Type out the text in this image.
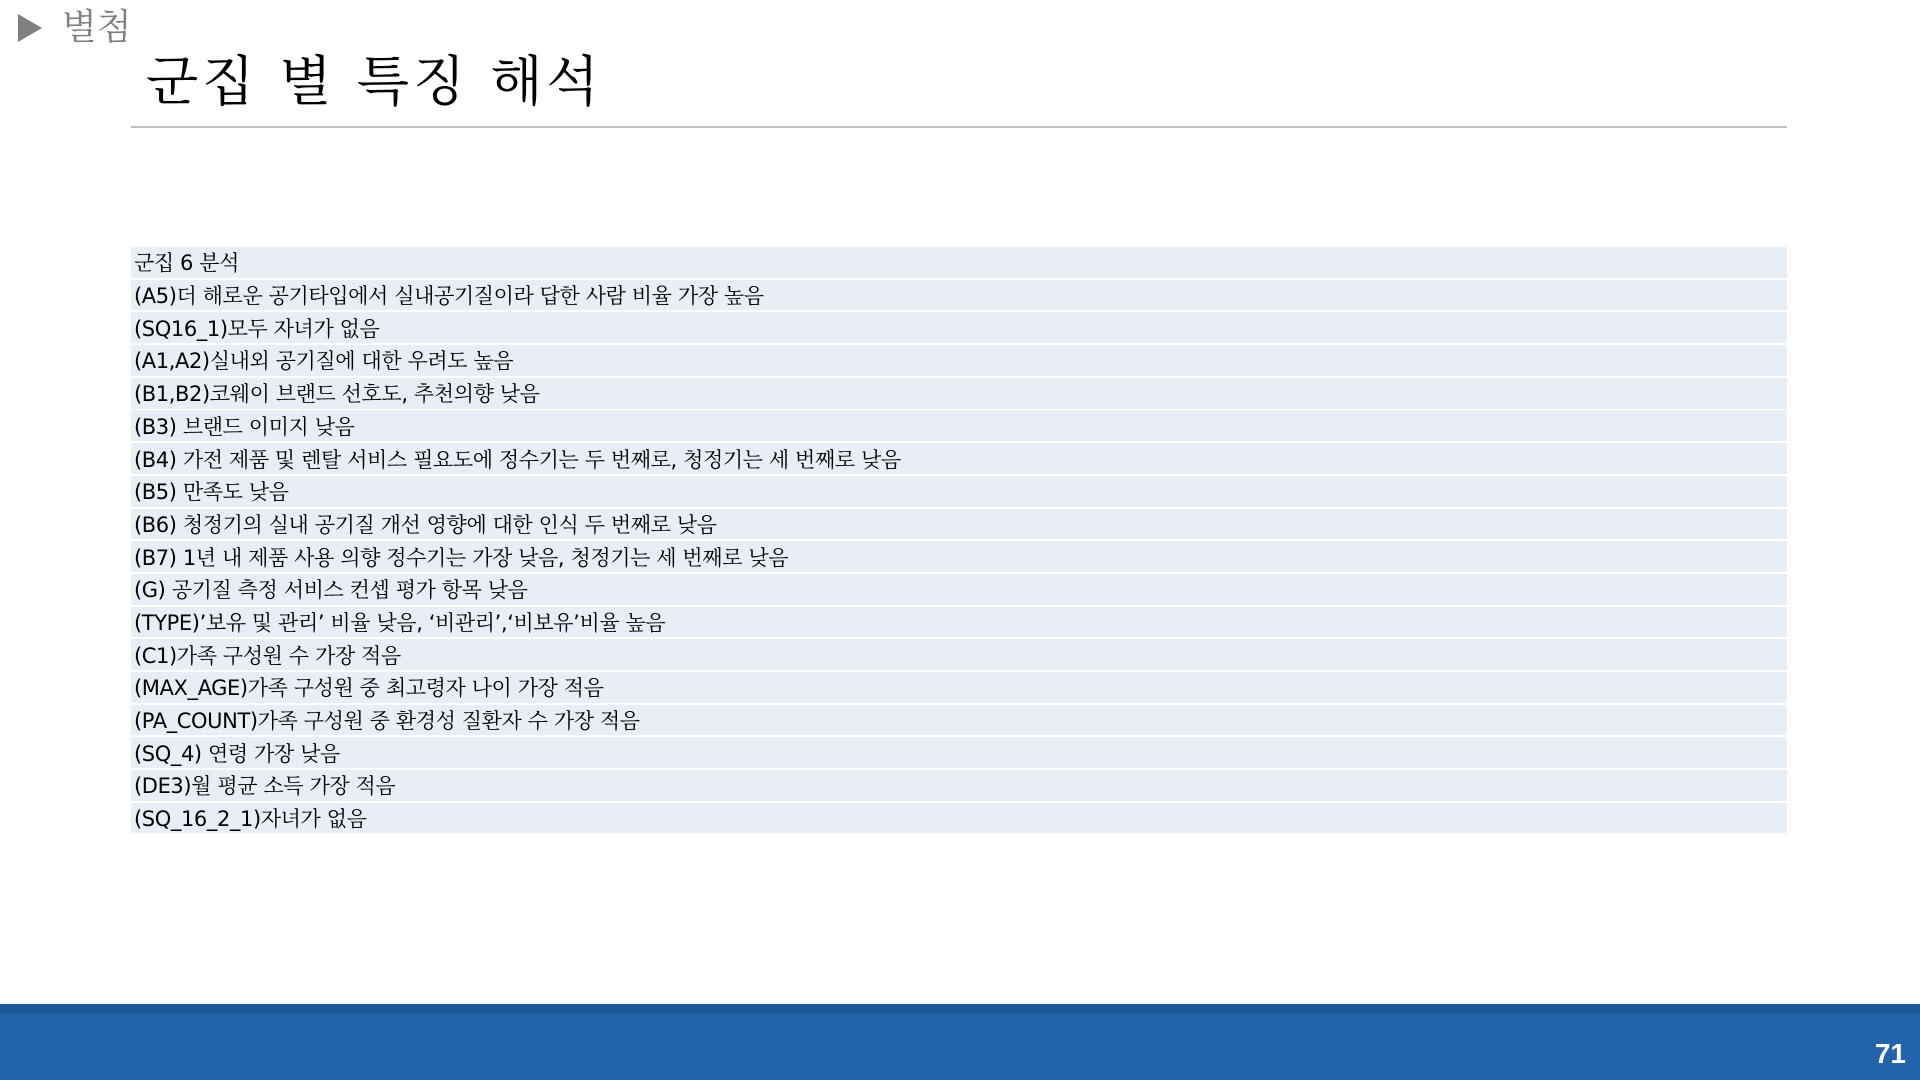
별첨
군집 별 특징 해석
군집 6 분석
(A5)더 해로운 공기타입에서 실내공기질이라 답한 사람 비율 가장 높음
(SQ16_1)모두 자녀가 없음
(A1,A2)실내외 공기질에 대한 우려도 높음
(B1,B2)코웨이 브랜드 선호도, 추천의향 낮음
(B3) 브랜드 이미지 낮음
(B4) 가전 제품 및 렌탈 서비스 필요도에 정수기는 두 번째로, 청정기는 세 번째로 낮음
(B5) 만족도 낮음
(B6) 청정기의 실내 공기질 개선 영향에 대한 인식 두 번째로 낮음
(B7) 1년 내 제품 사용 의향 정수기는 가장 낮음, 청정기는 세 번째로 낮음
(G) 공기질 측정 서비스 컨셉 평가 항목 낮음
(TYPE)’보유 및 관리’ 비율 낮음, ‘비관리’,‘비보유’비율 높음
(C1)가족 구성원 수 가장 적음
(MAX_AGE)가족 구성원 중 최고령자 나이 가장 적음
(PA_COUNT)가족 구성원 중 환경성 질환자 수 가장 적음
(SQ_4) 연령 가장 낮음
(DE3)월 평균 소득 가장 적음
(SQ_16_2_1)자녀가 없음
71
